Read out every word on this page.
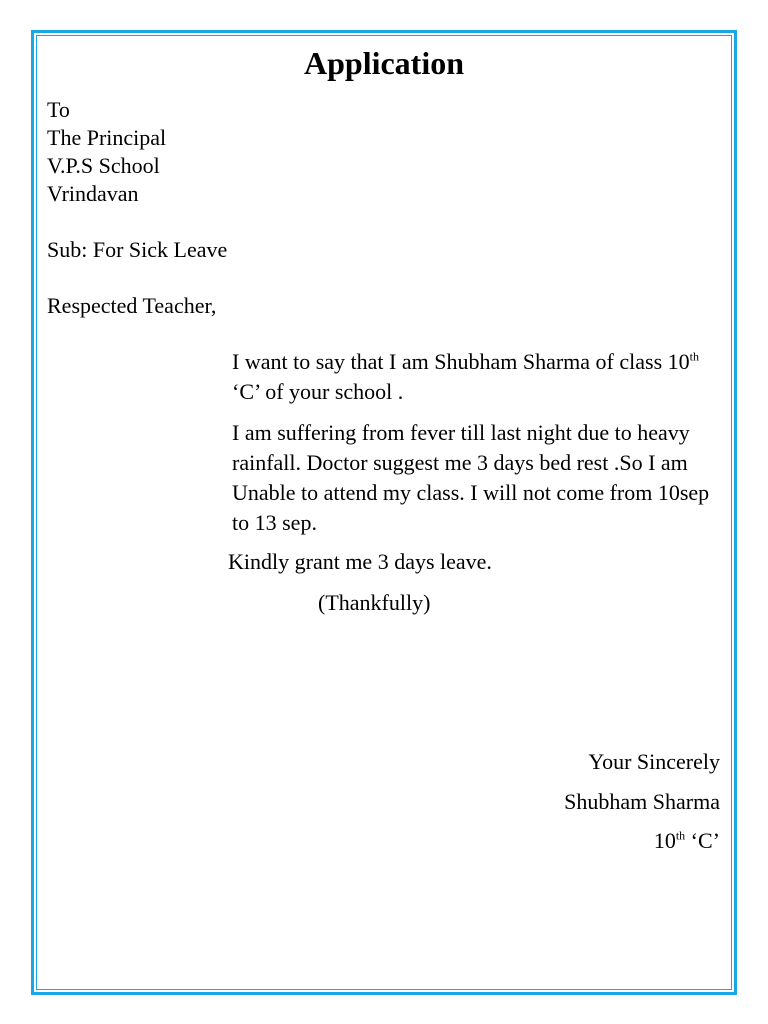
Application
To
The Principal
V.P.S School
Vrindavan
Sub: For Sick Leave
Respected Teacher,
I want to say that I am Shubham Sharma of class 10th ‘C’ of your school .
I am suffering from fever till last night due to heavy rainfall. Doctor suggest me 3 days bed rest .So I am Unable to attend my class. I will not come from 10sep to 13 sep.
Kindly grant me 3 days leave.
(Thankfully)
Your Sincerely
Shubham Sharma
10th ‘C’
